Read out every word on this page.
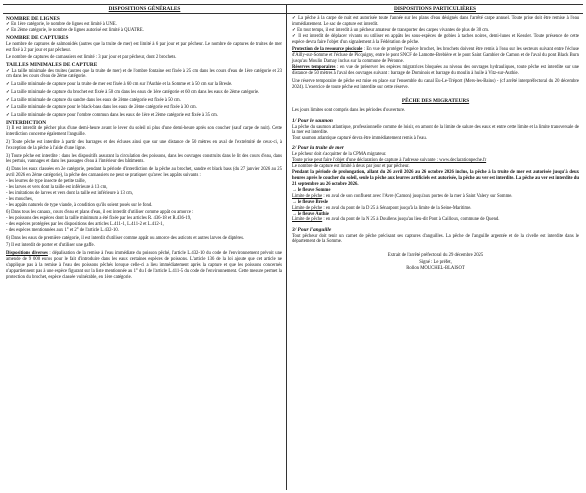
DISPOSITIONS GÉNÉRALES
NOMBRE DE LIGNES

✓ En 1ère catégorie, le nombre de lignes est limité à UNE.

✓ En 2ème catégorie, le nombre de lignes autorisé est limité à QUATRE.

NOMBRE DE CAPTURES

Le nombre de captures de salmonidés (autres que la truite de mer) est limité à 6 par jour et par pêcheur. Le nombre de captures de truites de mer est fixé à 2 par jour et par pêcheur.

Le nombre de captures de carnassiers est limité : 3 par jour et par pêcheur, dont 2 brochets.

TAILLES MINIMALES DE CAPTURE

✓ La taille minimale des truites (autres que la truite de mer) et de l'ombre fontaine est fixée à 25 cm dans les cours d'eau de 1ère catégorie et 23 cm dans les cours d'eau de 2ème catégorie.

✓ La taille minimale de capture pour la truite de mer est fixée à 60 cm sur l'Authie et la Somme et à 50 cm sur la Bresle.

✓ La taille minimale de capture du brochet est fixée à 50 cm dans les eaux de 1ère catégorie et 60 cm dans les eaux de 2ème catégorie.

✓ La taille minimale de capture du sandre dans les eaux de 2ème catégorie est fixée à 50 cm.

✓ La taille minimale de capture pour le black-bass dans les eaux de 2ème catégorie est fixée à 30 cm.

✓ La taille minimale de capture pour l'ombre commun dans les eaux de 1ère et 2ème catégorie est fixée à 35 cm.

INTERDICTION

1) Il est interdit de pêcher plus d'une demi-heure avant le lever du soleil ni plus d'une demi-heure après son coucher (sauf carpe de nuit). Cette interdiction concerne également l'anguille.

2) Toute pêche est interdite à partir des barrages et des écluses ainsi que sur une distance de 50 mètres en aval de l'extrémité de ceux-ci, à l'exception de la pêche à l'aide d'une ligne.

3) Toute pêche est interdite : dans les dispositifs assurant la circulation des poissons, dans les ouvrages construits dans le lit des cours d'eau, dans les pertuis, vannages et dans les passages d'eau à l'intérieur des bâtiments.

4) Dans les eaux classées en 2e catégorie, pendant la période d'interdiction de la pêche au brochet, sandre et black bass (du 27 janvier 2026 au 25 avril 2026 en 2ème catégorie), la pêche des carnassiers ne peut se pratiquer qu'avec les appâts suivants :

- les leurres de type insecte de petite taille,

- les larves et vers dont la taille est inférieure à 13 cm,

- les imitations de larves et vers dont la taille est inférieure à 13 cm,

- les mouches,

- les appâts naturels de type viande, à condition qu'ils soient posés sur le fond.

6) Dans tous les canaux, cours d'eau et plans d'eau, il est interdit d'utiliser comme appât ou amorce :

- les poissons des espèces dont la taille minimum a été fixée par les articles R. 436-18 et R.436-19,

- des espèces protégées par les dispositions des articles L.411-1, L.411-2 et L.412-1,

- des espèces mentionnées aux 1° et 2° de l'article L.432-10.

6) Dans les eaux de première catégorie, il est interdit d'utiliser comme appât ou amorce des asticots et autres larves de diptères.

7) Il est interdit de porter et d'utiliser une gaffe.

Dispositions diverses : dépalisation de la remise à l'eau immédiate du poisson pêché, l'article L.432-10 du code de l'environnement prévoit une amende de 9 000 euros pour le fait d'introduire dans les eaux certaines espèces de poissons. L'article 136 de la loi ajoute que cet article ne s'applique pas à la remise à l'eau des poissons pêchés lorsque celle-ci a lieu immédiatement après la capture et que les poissons concernés n'appartiennent pas à une espèce figurant sur la liste mentionnée au 1° du I de l'article L.411-5 du code de l'environnement. Cette mesure permet la protection du brochet, espèce classée vulnérable, en 1ère catégorie.

DISPOSITIONS PARTICULIÈRES

✓ La pêche à la carpe de nuit est autorisée toute l'année sur les plans d'eau désignés dans l'arrêté carpe annuel. Toute prise doit être remise à l'eau immédiatement. Le sac de capture est interdit.

✓ En tout temps, il est interdit à un pêcheur amateur de transporter des carpes vivantes de plus de 30 cm.

✓ Il est interdit de déplacer vivants ou utiliser en appâts les sous-espèces de gobies à taches noires, demi-lunes et Kessler. Toute présence de cette espèce devra faire l'objet d'un signalement à la Fédération de pêche.

Protection de la ressource piscicole : En vue de protéger l'espèce brochet, les brochets doivent être remis à l'eau sur les secteurs suivant entre l'écluse d'Ailly-sur-Somme et l'écluse de Picquigny, entre le pont SNCF de Lamotte-Brebière et le pont Saint Gambier de Camon et de l'aval du pont Black Burn jusqu'au Moulin Damay inclus sur la commune de Péronne.

Réserves temporaires : en vue de préserver les espèces migratrices bloquées au niveau des ouvrages hydrauliques, toute pêche est interdite sur une distance de 50 mètres à l'aval des ouvrages suivant : barrage de Dominois et barrage du moulin à huile à Vitz-sur-Authie.

Une réserve temporaire de pêche est mise en place sur l'ensemble du canal Eu-Le-Tréport (Mers-les-Bains) - (cf arrêté interpréfectoral du 20 décembre 2024). L'exercice de toute pêche est interdite sur cette réserve.

PÊCHE DES MIGRATEURS

Les jours limites sont compris dans les périodes d'ouverture.

1/ Pour le saumon

La pêche du saumon atlantique, professionnelle comme de loisir, en amont de la limite de salure des eaux et entre cette limite et la limite transversale de la mer est interdite.

Tout saumon atlantique capturé devra être immédiatement remis à l'eau.

2/ Pour la truite de mer

Le pêcheur doit s'acquitter de la CPMA migrateur.

Toute prise peut faire l'objet d'une déclaration de capture à l'adresse suivante : www.declarationpeche.fr

Le nombre de capture est limité à deux par jour et par pêcheur.

Pendant la période de prolongation, allant du 26 avril 2026 au 26 octobre 2026 inclus, la pêche à la truite de mer est autorisée jusqu'à deux heures après le coucher du soleil, seule la pêche aux leurres artificiels est autorisée, la pêche au ver est interdite. La pêche au ver est interdite du 21 septembre au 26 octobre 2026.

→ le fleuve Somme

Limite de pêche : en aval de son confluent avec l'Avre (Camon) jusqu'aux portes de la mer à Saint Valery sur Somme.

→ le fleuve Bresle

Limite de pêche : en aval du pont de la D 25 à Sénarpont jusqu'à la limite de la Seine-Maritime.

→ le fleuve Authie

Limite de pêche : en aval du pont de la N 25 à Doullens jusqu'au lieu-dit Pont à Cailloux, commune de Quend.

3/ Pour l'anguille

Tout pêcheur doit tenir un carnet de pêche précisant ses captures d'anguilles. La pêche de l'anguille argentée et de la civelle est interdite dans le département de la Somme.

Extrait de l'arrêté préfectoral du 29 décembre 2025
Signé : Le préfet,
Rollon MOUCHEL-BLAISOT
